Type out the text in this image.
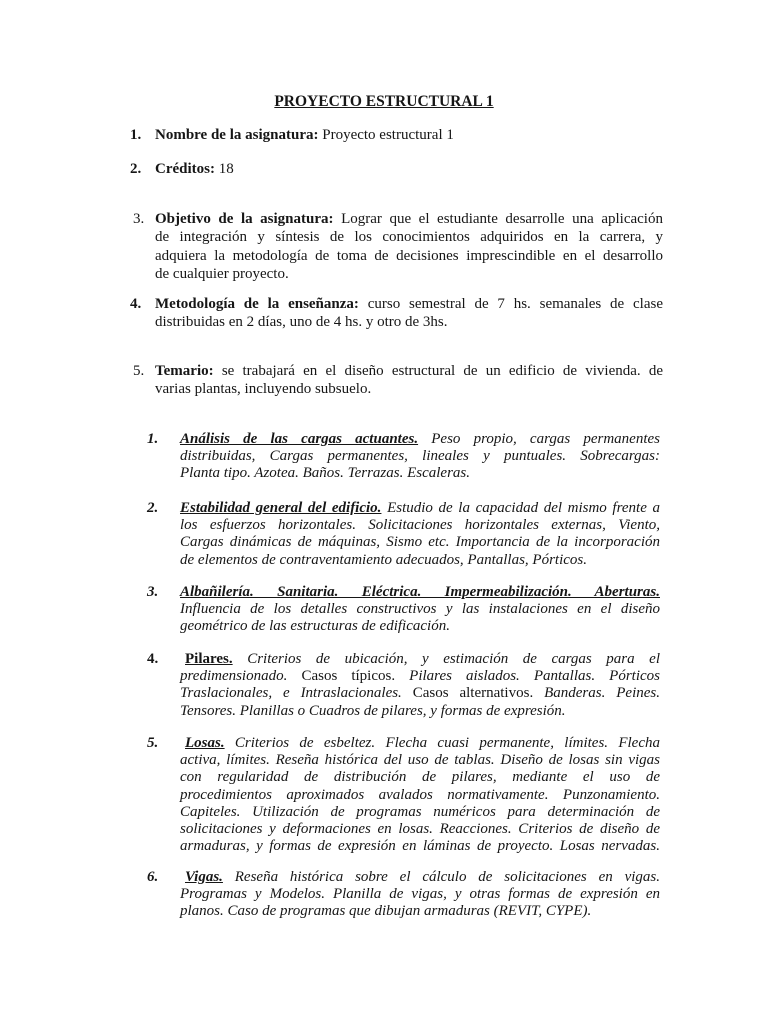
PROYECTO ESTRUCTURAL 1
1. Nombre de la asignatura: Proyecto estructural 1
2. Créditos: 18
3. Objetivo de la asignatura: Lograr que el estudiante desarrolle una aplicación
de integración y síntesis de los conocimientos adquiridos en la carrera, y
adquiera la metodología de toma de decisiones imprescindible en el desarrollo
de cualquier proyecto.
4. Metodología de la enseñanza: curso semestral de 7 hs. semanales de clase
distribuidas en 2 días, uno de 4 hs. y otro de 3hs.
5. Temario: se trabajará en el diseño estructural de un edificio de vivienda. de
varias plantas, incluyendo subsuelo.
1. Análisis de las cargas actuantes. Peso propio, cargas permanentes
distribuidas, Cargas permanentes, lineales y puntuales. Sobrecargas:
Planta tipo. Azotea. Baños. Terrazas. Escaleras.
2. Estabilidad general del edificio. Estudio de la capacidad del mismo frente a
los esfuerzos horizontales. Solicitaciones horizontales externas, Viento,
Cargas dinámicas de máquinas, Sismo etc. Importancia de la incorporación
de elementos de contraventamiento adecuados, Pantallas, Pórticos.
3. Albañilería. Sanitaria. Eléctrica. Impermeabilización. Aberturas.
Influencia de los detalles constructivos y las instalaciones en el diseño
geométrico de las estructuras de edificación.
4.	Pilares. Criterios de ubicación, y estimación de cargas para el
predimensionado. Casos típicos. Pilares aislados. Pantallas. Pórticos
Traslacionales, e Intraslacionales. Casos alternativos. Banderas. Peines.
Tensores. Planillas o Cuadros de pilares, y formas de expresión.
5.	Losas. Criterios de esbeltez. Flecha cuasi permanente, límites. Flecha
activa, límites. Reseña histórica del uso de tablas. Diseño de losas sin vigas
con regularidad de distribución de pilares, mediante el uso de
procedimientos aproximados avalados normativamente. Punzonamiento.
Capiteles. Utilización de programas numéricos para determinación de
solicitaciones y deformaciones en losas. Reacciones. Criterios de diseño de
armaduras, y formas de expresión en láminas de proyecto. Losas nervadas.
6.	Vigas. Reseña histórica sobre el cálculo de solicitaciones en vigas.
Programas y Modelos. Planilla de vigas, y otras formas de expresión en
planos. Caso de programas que dibujan armaduras (REVIT, CYPE).
